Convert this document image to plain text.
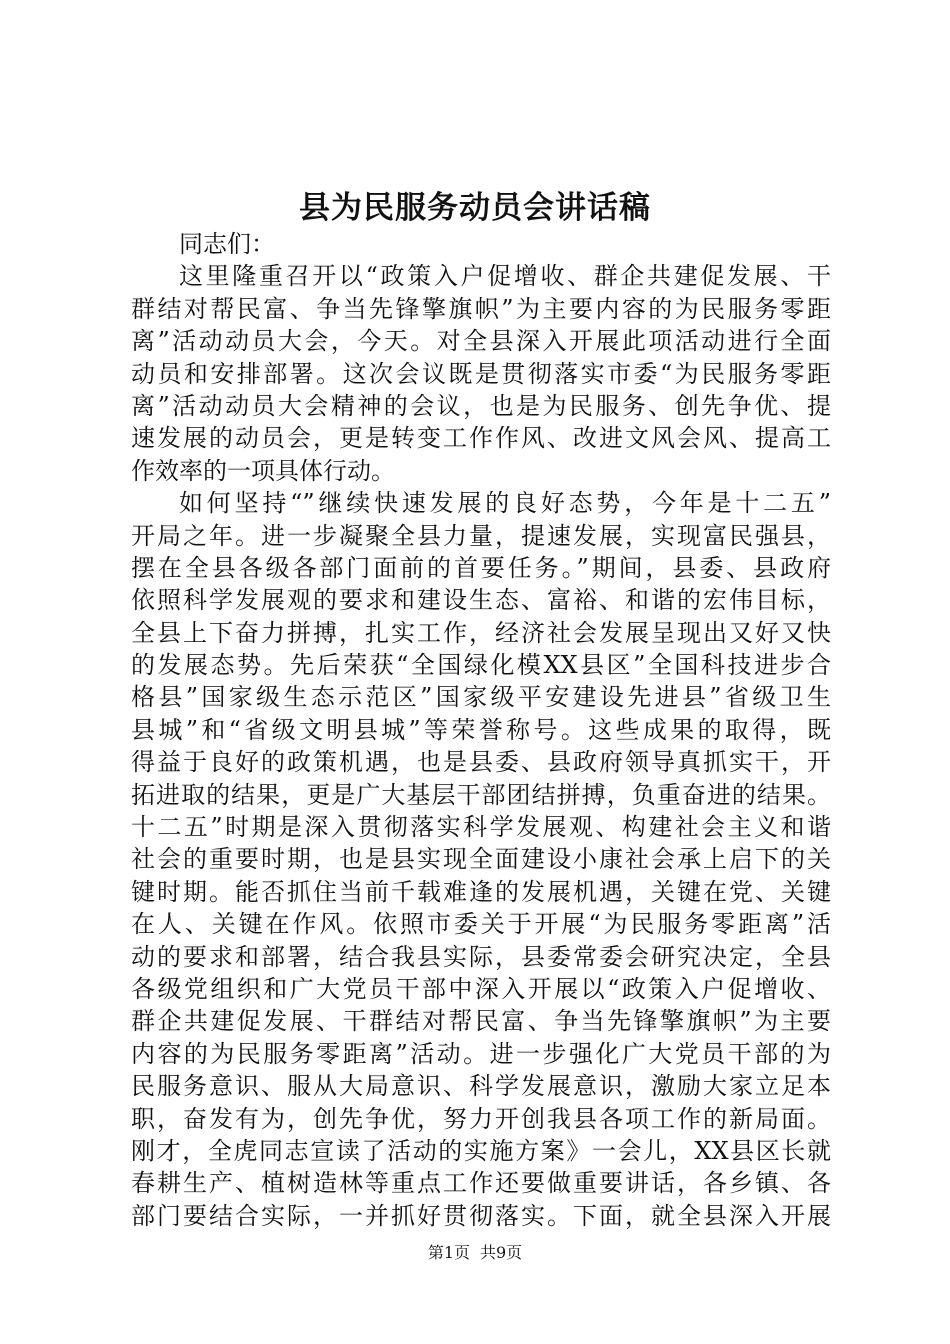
县为民服务动员会讲话稿
同志们：
这里隆重召开以“政策入户促增收、群企共建促发展、干
群结对帮民富、争当先锋擎旗帜”为主要内容的为民服务零距
离”活动动员大会，今天。对全县深入开展此项活动进行全面
动员和安排部署。这次会议既是贯彻落实市委“为民服务零距
离”活动动员大会精神的会议，也是为民服务、创先争优、提
速发展的动员会，更是转变工作作风、改进文风会风、提高工
作效率的一项具体行动。
如何坚持“”继续快速发展的良好态势，今年是十二五”
开局之年。进一步凝聚全县力量，提速发展，实现富民强县，
摆在全县各级各部门面前的首要任务。”期间，县委、县政府
依照科学发展观的要求和建设生态、富裕、和谐的宏伟目标，
全县上下奋力拼搏，扎实工作，经济社会发展呈现出又好又快
的发展态势。先后荣获“全国绿化模XX县区”全国科技进步合
格县”国家级生态示范区”国家级平安建设先进县”省级卫生
县城”和“省级文明县城”等荣誉称号。这些成果的取得，既
得益于良好的政策机遇，也是县委、县政府领导真抓实干，开
拓进取的结果，更是广大基层干部团结拼搏，负重奋进的结果。
十二五”时期是深入贯彻落实科学发展观、构建社会主义和谐
社会的重要时期，也是县实现全面建设小康社会承上启下的关
键时期。能否抓住当前千载难逢的发展机遇，关键在党、关键
在人、关键在作风。依照市委关于开展“为民服务零距离”活
动的要求和部署，结合我县实际，县委常委会研究决定，全县
各级党组织和广大党员干部中深入开展以“政策入户促增收、
群企共建促发展、干群结对帮民富、争当先锋擎旗帜”为主要
内容的为民服务零距离”活动。进一步强化广大党员干部的为
民服务意识、服从大局意识、科学发展意识，激励大家立足本
职，奋发有为，创先争优，努力开创我县各项工作的新局面。
刚才，全虎同志宣读了活动的实施方案》一会儿，XX县区长就
春耕生产、植树造林等重点工作还要做重要讲话，各乡镇、各
部门要结合实际，一并抓好贯彻落实。下面，就全县深入开展
第1页 共9页
